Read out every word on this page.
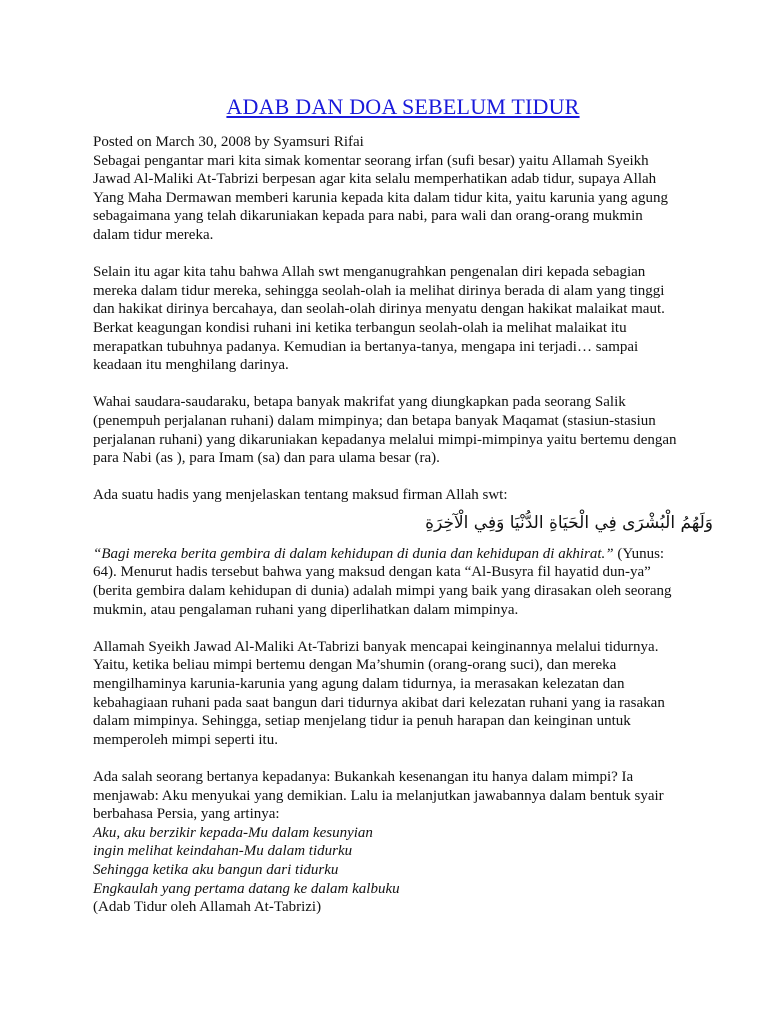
ADAB DAN DOA SEBELUM TIDUR
Posted on March 30, 2008 by Syamsuri Rifai
Sebagai pengantar mari kita simak komentar seorang irfan (sufi besar) yaitu Allamah Syeikh
Jawad Al-Maliki At-Tabrizi berpesan agar kita selalu memperhatikan adab tidur, supaya Allah
Yang Maha Dermawan memberi karunia kepada kita dalam tidur kita, yaitu karunia yang agung
sebagaimana yang telah dikaruniakan kepada para nabi, para wali dan orang-orang mukmin
dalam tidur mereka.
Selain itu agar kita tahu bahwa Allah swt menganugrahkan pengenalan diri kepada sebagian
mereka dalam tidur mereka, sehingga seolah-olah ia melihat dirinya berada di alam yang tinggi
dan hakikat dirinya bercahaya, dan seolah-olah dirinya menyatu dengan hakikat malaikat maut.
Berkat keagungan kondisi ruhani ini ketika terbangun seolah-olah ia melihat malaikat itu
merapatkan tubuhnya padanya. Kemudian ia bertanya-tanya, mengapa ini terjadi… sampai
keadaan itu menghilang darinya.
Wahai saudara-saudaraku, betapa banyak makrifat yang diungkapkan pada seorang Salik
(penempuh perjalanan ruhani) dalam mimpinya; dan betapa banyak Maqamat (stasiun-stasiun
perjalanan ruhani) yang dikaruniakan kepadanya melalui mimpi-mimpinya yaitu bertemu dengan
para Nabi (as ), para Imam (sa) dan para ulama besar (ra).
Ada suatu hadis yang menjelaskan tentang maksud firman Allah swt:
وَلَهُمُ الْبُشْرَى فِي الْحَيَاةِ الدُّنْيَا وَفِي الْآخِرَةِ
“Bagi mereka berita gembira di dalam kehidupan di dunia dan kehidupan di akhirat.” (Yunus:
64). Menurut hadis tersebut bahwa yang maksud dengan kata “Al-Busyra fil hayatid dun-ya”
(berita gembira dalam kehidupan di dunia) adalah mimpi yang baik yang dirasakan oleh seorang
mukmin, atau pengalaman ruhani yang diperlihatkan dalam mimpinya.
Allamah Syeikh Jawad Al-Maliki At-Tabrizi banyak mencapai keinginannya melalui tidurnya.
Yaitu, ketika beliau mimpi bertemu dengan Ma’shumin (orang-orang suci), dan mereka
mengilhaminya karunia-karunia yang agung dalam tidurnya, ia merasakan kelezatan dan
kebahagiaan ruhani pada saat bangun dari tidurnya akibat dari kelezatan ruhani yang ia rasakan
dalam mimpinya. Sehingga, setiap menjelang tidur ia penuh harapan dan keinginan untuk
memperoleh mimpi seperti itu.
Ada salah seorang bertanya kepadanya: Bukankah kesenangan itu hanya dalam mimpi? Ia
menjawab: Aku menyukai yang demikian. Lalu ia melanjutkan jawabannya dalam bentuk syair
berbahasa Persia, yang artinya:
Aku, aku berzikir kepada-Mu dalam kesunyian
ingin melihat keindahan-Mu dalam tidurku
Sehingga ketika aku bangun dari tidurku
Engkaulah yang pertama datang ke dalam kalbuku
(Adab Tidur oleh Allamah At-Tabrizi)
